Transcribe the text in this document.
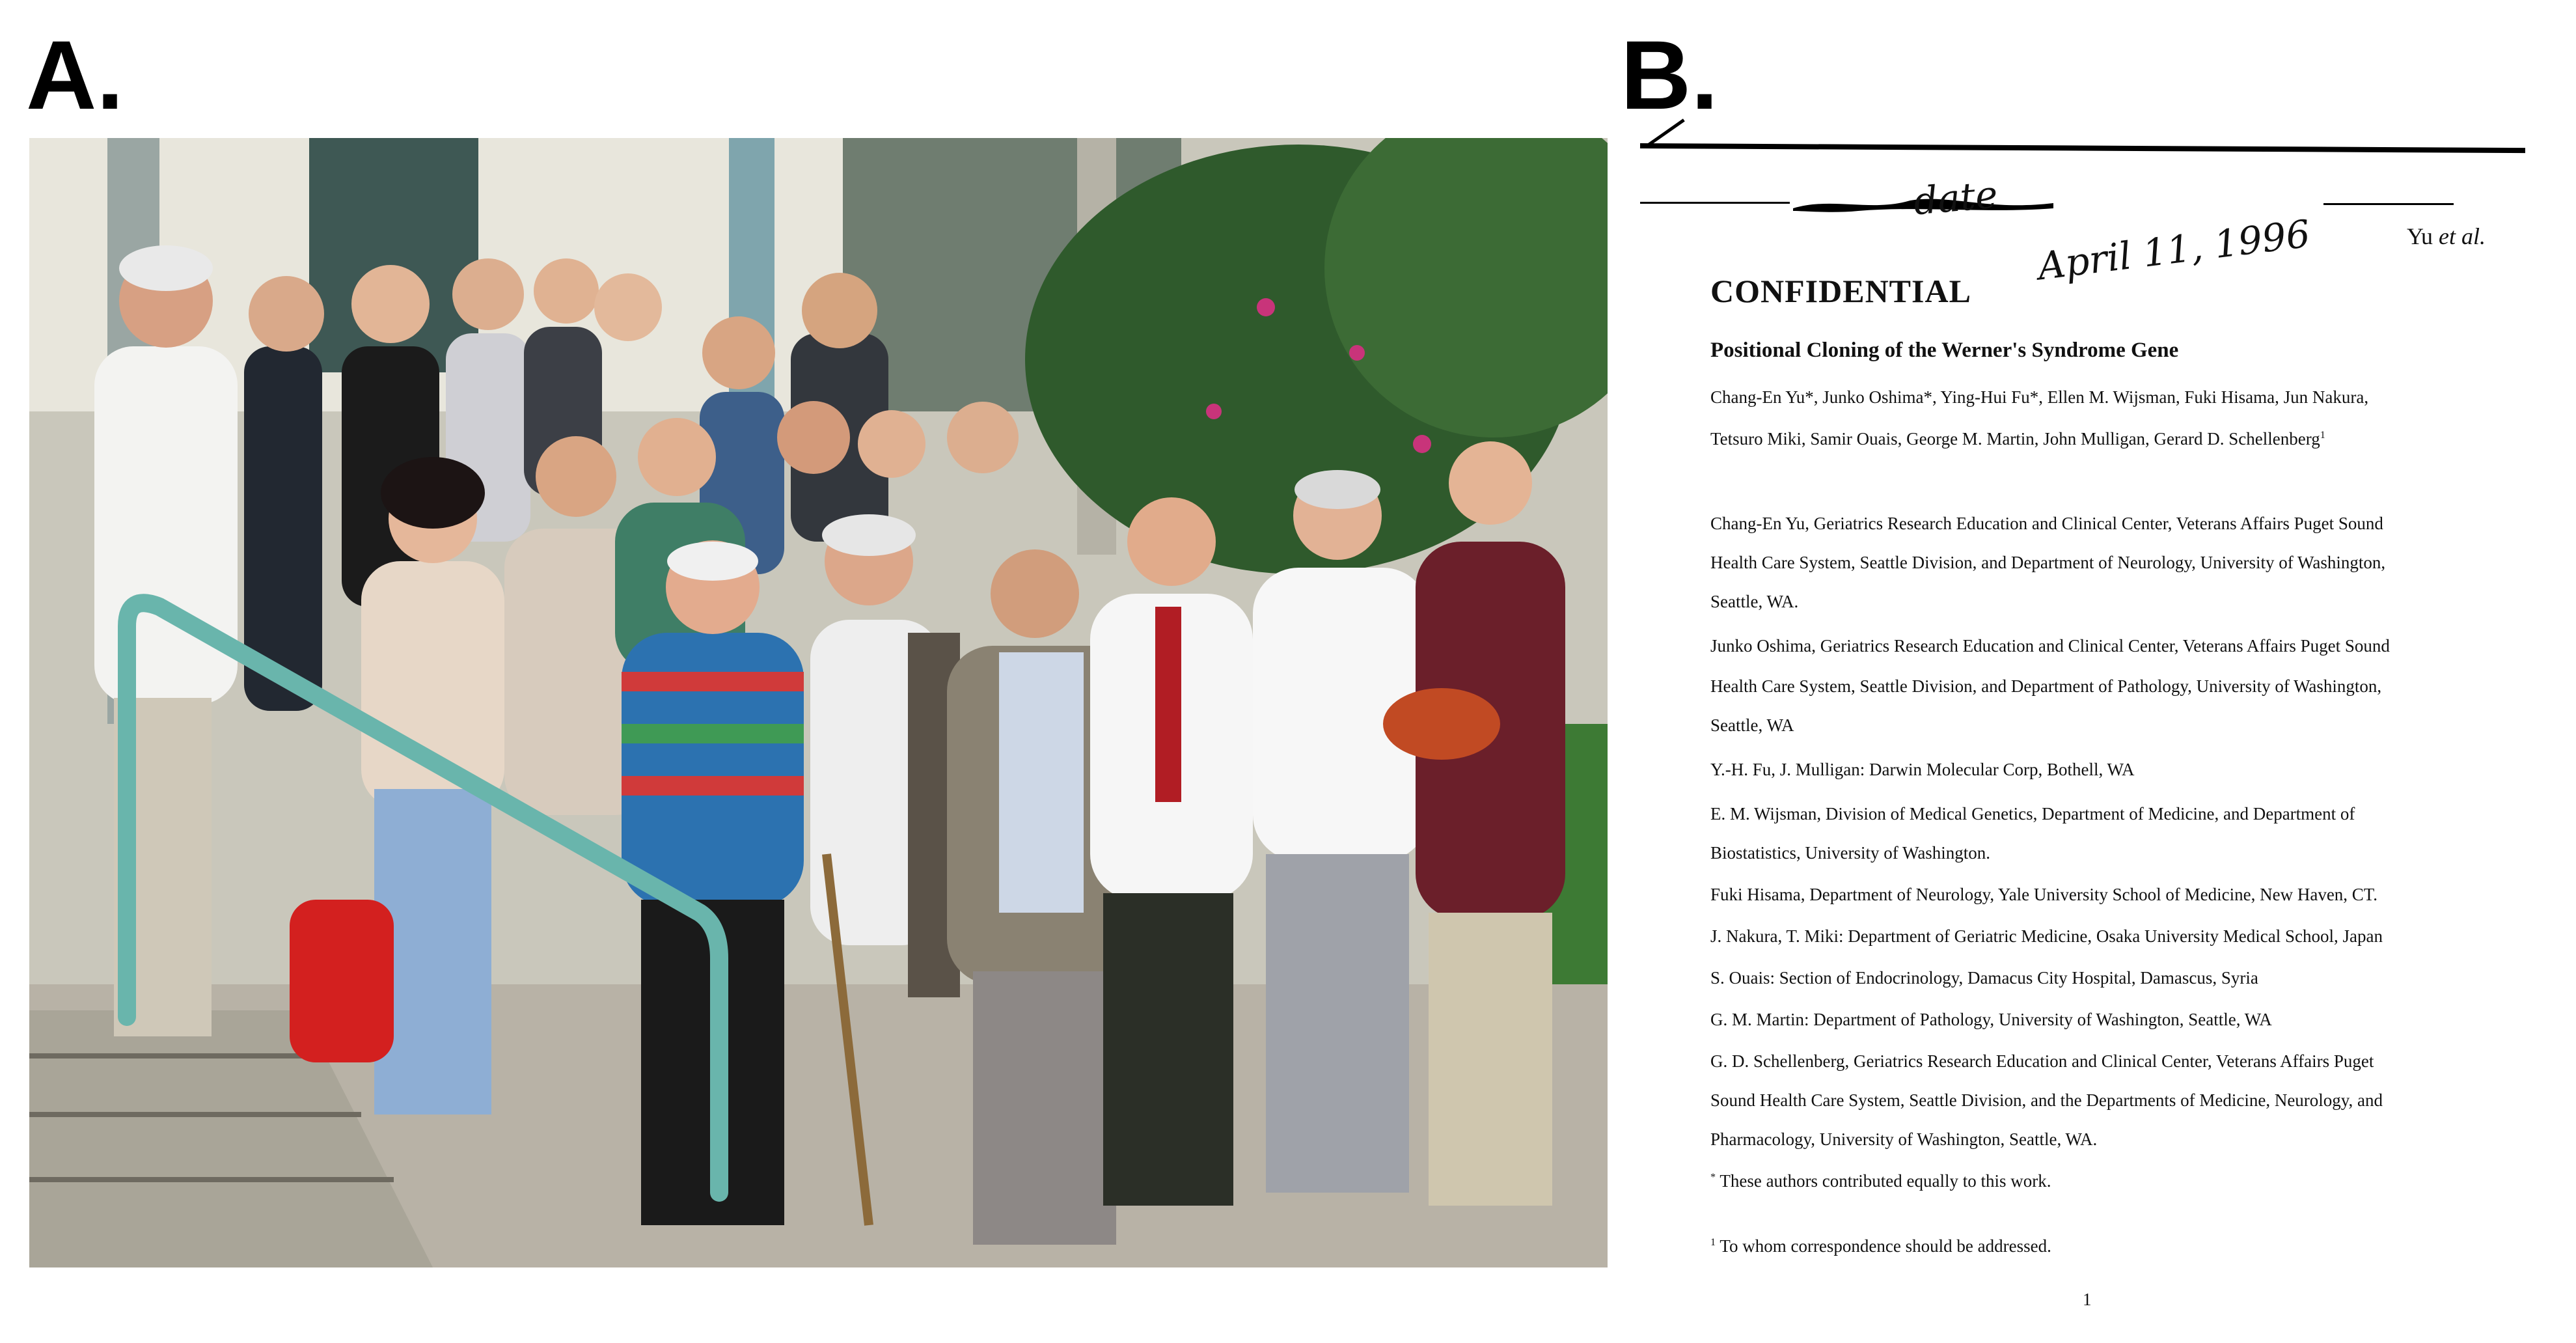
A.	B.
date
April 11, 1996	Yu et al.
CONFIDENTIAL
Positional Cloning of the Werner's Syndrome Gene
Chang-En Yu*, Junko Oshima*, Ying-Hui Fu*, Ellen M. Wijsman, Fuki Hisama, Jun Nakura,
Tetsuro Miki, Samir Ouais, George M. Martin, John Mulligan, Gerard D. Schellenberg$^1$
Chang-En Yu, Geriatrics Research Education and Clinical Center, Veterans Affairs Puget Sound
Health Care System, Seattle Division, and Department of Neurology, University of Washington,
Seattle, WA.
Junko Oshima, Geriatrics Research Education and Clinical Center, Veterans Affairs Puget Sound
Health Care System, Seattle Division, and Department of Pathology, University of Washington,
Seattle, WA
Y.-H. Fu, J. Mulligan: Darwin Molecular Corp, Bothell, WA
E. M. Wijsman, Division of Medical Genetics, Department of Medicine, and Department of
Biostatistics, University of Washington.
Fuki Hisama, Department of Neurology, Yale University School of Medicine, New Haven, CT.
J. Nakura, T. Miki: Department of Geriatric Medicine, Osaka University Medical School, Japan
S. Ouais: Section of Endocrinology, Damacus City Hospital, Damascus, Syria
G. M. Martin: Department of Pathology, University of Washington, Seattle, WA
G. D. Schellenberg, Geriatrics Research Education and Clinical Center, Veterans Affairs Puget
Sound Health Care System, Seattle Division, and the Departments of Medicine, Neurology, and
Pharmacology, University of Washington, Seattle, WA.
* These authors contributed equally to this work.
$^1$ To whom correspondence should be addressed.
1
